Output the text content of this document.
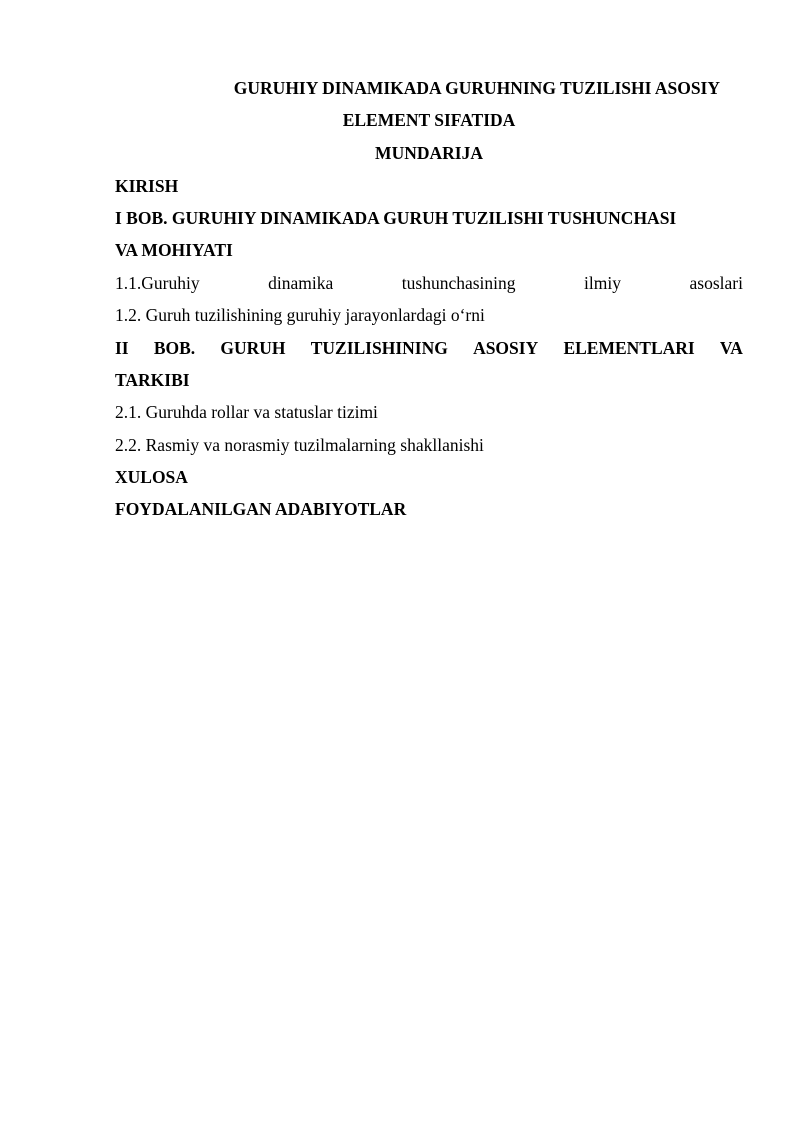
GURUHIY DINAMIKADA GURUHNING TUZILISHI ASOSIY
ELEMENT SIFATIDA
MUNDARIJA
KIRISH
I BOB. GURUHIY DINAMIKADA GURUH TUZILISHI TUSHUNCHASI
VA MOHIYATI
1.1.Guruhiy	dinamika	tushunchasining	ilmiy	asoslari
1.2. Guruh tuzilishining guruhiy jarayonlardagi o‘rni
II BOB. GURUH TUZILISHINING ASOSIY ELEMENTLARI VA
TARKIBI
2.1. Guruhda rollar va statuslar tizimi
2.2. Rasmiy va norasmiy tuzilmalarning shakllanishi
XULOSA
FOYDALANILGAN ADABIYOTLAR
